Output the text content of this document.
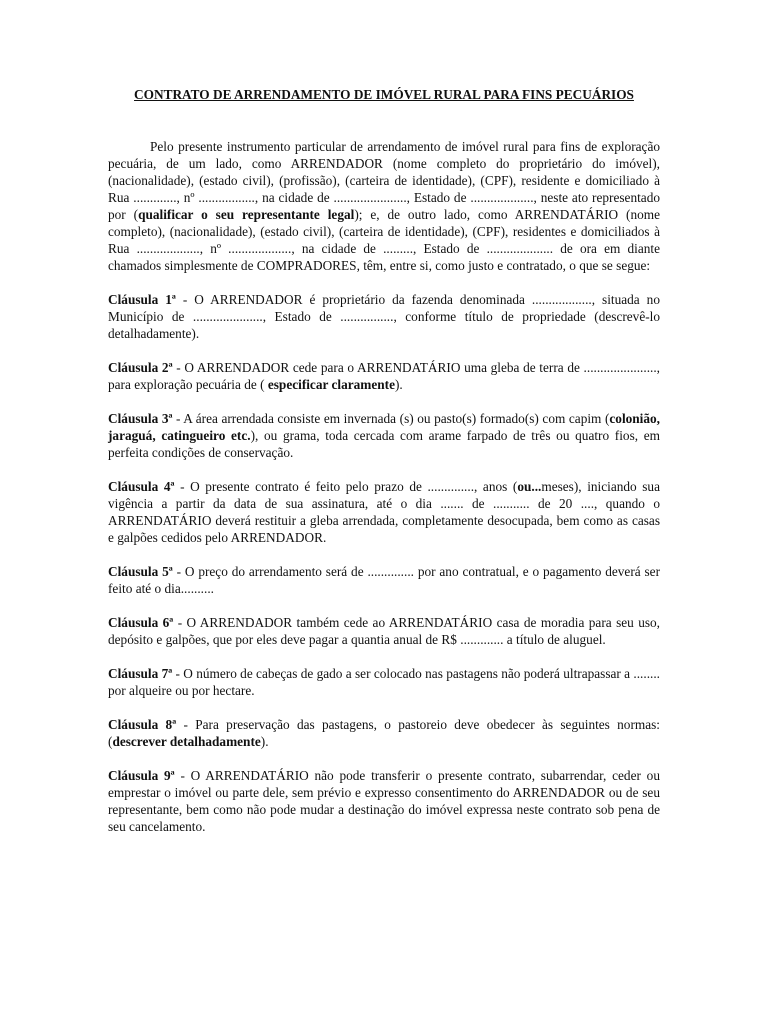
CONTRATO DE ARRENDAMENTO DE IMÓVEL RURAL PARA FINS PECUÁRIOS

Pelo presente instrumento particular de arrendamento de imóvel rural para fins de exploração pecuária, de um lado, como ARRENDADOR (nome completo do proprietário do imóvel), (nacionalidade), (estado civil), (profissão), (carteira de identidade), (CPF), residente e domiciliado à Rua ............., nº ................., na cidade de ......................, Estado de ..................., neste ato representado por (qualificar o seu representante legal); e, de outro lado, como ARRENDATÁRIO (nome completo), (nacionalidade), (estado civil), (carteira de identidade), (CPF), residentes e domiciliados à Rua ..................., nº ..................., na cidade de ........., Estado de .................... de ora em diante chamados simplesmente de COMPRADORES, têm, entre si, como justo e contratado, o que se segue:

Cláusula 1ª - O ARRENDADOR é proprietário da fazenda denominada .................., situada no Município de ....................., Estado de ................, conforme título de propriedade (descrevê-lo detalhadamente).

Cláusula 2ª - O ARRENDADOR cede para o ARRENDATÁRIO uma gleba de terra de ......................, para exploração pecuária de ( especificar claramente).

Cláusula 3ª - A área arrendada consiste em invernada (s) ou pasto(s) formado(s) com capim (colonião, jaraguá, catingueiro etc.), ou grama, toda cercada com arame farpado de três ou quatro fios, em perfeita condições de conservação.

Cláusula 4ª - O presente contrato é feito pelo prazo de .............., anos (ou...meses), iniciando sua vigência a partir da data de sua assinatura, até o dia ....... de ........... de 20 ...., quando o ARRENDATÁRIO deverá restituir a gleba arrendada, completamente desocupada, bem como as casas e galpões cedidos pelo ARRENDADOR.

Cláusula 5ª - O preço do arrendamento será de .............. por ano contratual, e o pagamento deverá ser feito até o dia..........

Cláusula 6ª - O ARRENDADOR também cede ao ARRENDATÁRIO casa de moradia para seu uso, depósito e galpões, que por eles deve pagar a quantia anual de R$ ............. a título de aluguel.

Cláusula 7ª - O número de cabeças de gado a ser colocado nas pastagens não poderá ultrapassar a ........ por alqueire ou por hectare.

Cláusula 8ª - Para preservação das pastagens, o pastoreio deve obedecer às seguintes normas: (descrever detalhadamente).

Cláusula 9ª - O ARRENDATÁRIO não pode transferir o presente contrato, subarrendar, ceder ou emprestar o imóvel ou parte dele, sem prévio e expresso consentimento do ARRENDADOR ou de seu representante, bem como não pode mudar a destinação do imóvel expressa neste contrato sob pena de seu cancelamento.
